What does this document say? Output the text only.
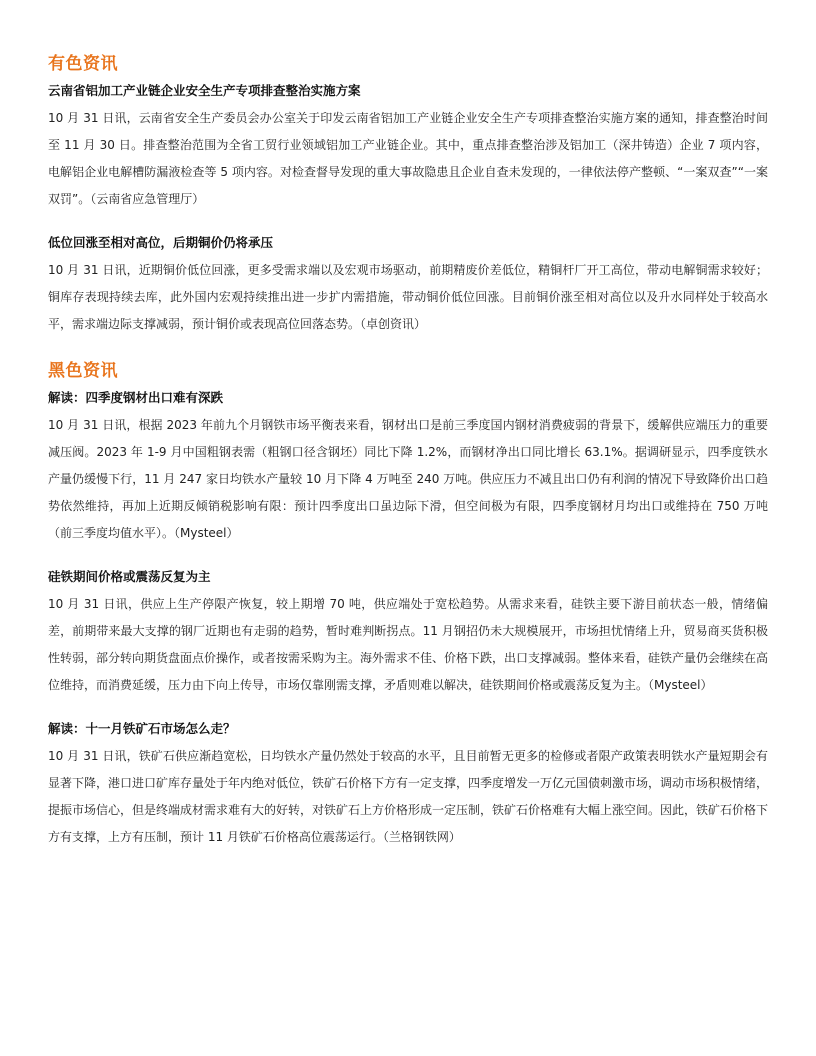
有色资讯
云南省铝加工产业链企业安全生产专项排查整治实施方案

10 月 31 日讯，云南省安全生产委员会办公室关于印发云南省铝加工产业链企业安全生产专项排查整治实施方案的通知，排查整治时间至 11 月 30 日。排查整治范围为全省工贸行业领域铝加工产业链企业。其中，重点排查整治涉及铝加工（深井铸造）企业 7 项内容，电解铝企业电解槽防漏液检查等 5 项内容。对检查督导发现的重大事故隐患且企业自查未发现的，一律依法停产整顿、“一案双查”“一案双罚”。（云南省应急管理厅）

低位回涨至相对高位，后期铜价仍将承压

10 月 31 日讯，近期铜价低位回涨，更多受需求端以及宏观市场驱动，前期精废价差低位，精铜杆厂开工高位，带动电解铜需求较好；铜库存表现持续去库，此外国内宏观持续推出进一步扩内需措施，带动铜价低位回涨。目前铜价涨至相对高位以及升水同样处于较高水平，需求端边际支撑减弱，预计铜价或表现高位回落态势。（卓创资讯）

黑色资讯
解读：四季度钢材出口难有深跌

10 月 31 日讯，根据 2023 年前九个月钢铁市场平衡表来看，钢材出口是前三季度国内钢材消费疲弱的背景下，缓解供应端压力的重要减压阀。2023 年 1-9 月中国粗钢表需（粗钢口径含钢坯）同比下降 1.2%，而钢材净出口同比增长 63.1%。据调研显示，四季度铁水产量仍缓慢下行，11 月 247 家日均铁水产量较 10 月下降 4 万吨至 240 万吨。供应压力不减且出口仍有利润的情况下导致降价出口趋势依然维持，再加上近期反倾销税影响有限：预计四季度出口虽边际下滑，但空间极为有限，四季度钢材月均出口或维持在 750 万吨（前三季度均值水平）。（Mysteel）

硅铁期间价格或震荡反复为主

10 月 31 日讯，供应上生产停限产恢复，较上期增 70 吨，供应端处于宽松趋势。从需求来看，硅铁主要下游目前状态一般，情绪偏差，前期带来最大支撑的钢厂近期也有走弱的趋势，暂时难判断拐点。11 月钢招仍未大规模展开，市场担忧情绪上升，贸易商买货积极性转弱，部分转向期货盘面点价操作，或者按需采购为主。海外需求不佳、价格下跌，出口支撑减弱。整体来看，硅铁产量仍会继续在高位维持，而消费延缓，压力由下向上传导，市场仅靠刚需支撑，矛盾则难以解决，硅铁期间价格或震荡反复为主。（Mysteel）

解读：十一月铁矿石市场怎么走？

10 月 31 日讯，铁矿石供应渐趋宽松，日均铁水产量仍然处于较高的水平，且目前暂无更多的检修或者限产政策表明铁水产量短期会有显著下降，港口进口矿库存量处于年内绝对低位，铁矿石价格下方有一定支撑，四季度增发一万亿元国债刺激市场，调动市场积极情绪，提振市场信心，但是终端成材需求难有大的好转，对铁矿石上方价格形成一定压制，铁矿石价格难有大幅上涨空间。因此，铁矿石价格下方有支撑，上方有压制，预计 11 月铁矿石价格高位震荡运行。（兰格钢铁网）
